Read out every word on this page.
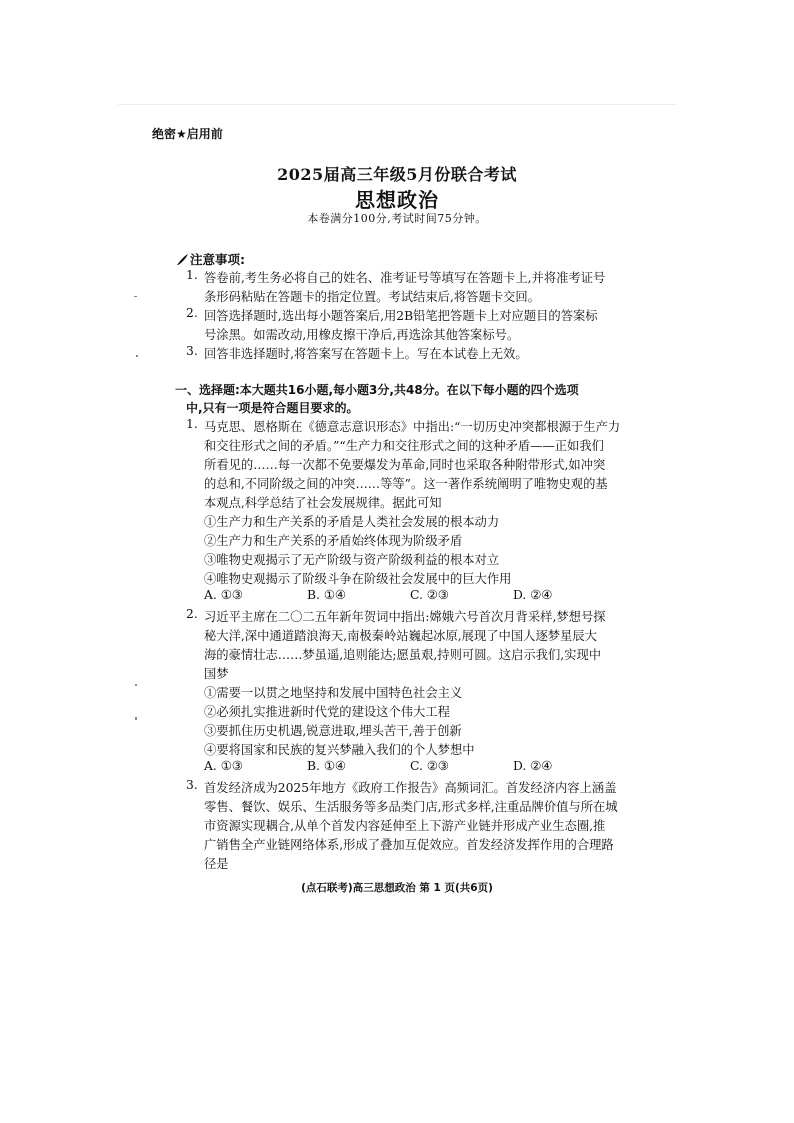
绝密★启用前
2025届高三年级5月份联合考试
思想政治
本卷满分100分,考试时间75分钟。
注意事项:
1. 答卷前,考生务必将自己的姓名、准考证号等填写在答题卡上,并将准考证号
条形码粘贴在答题卡的指定位置。考试结束后,将答题卡交回。
2. 回答选择题时,选出每小题答案后,用2B铅笔把答题卡上对应题目的答案标
号涂黑。如需改动,用橡皮擦干净后,再选涂其他答案标号。
3. 回答非选择题时,将答案写在答题卡上。写在本试卷上无效。
一、选择题:本大题共16小题,每小题3分,共48分。在以下每小题的四个选项
中,只有一项是符合题目要求的。
1. 马克思、恩格斯在《德意志意识形态》中指出:“一切历史冲突都根源于生产力
和交往形式之间的矛盾。”“生产力和交往形式之间的这种矛盾——正如我们
所看见的……每一次都不免要爆发为革命,同时也采取各种附带形式,如冲突
的总和,不同阶级之间的冲突……等等”。这一著作系统阐明了唯物史观的基
本观点,科学总结了社会发展规律。据此可知
①生产力和生产关系的矛盾是人类社会发展的根本动力
②生产力和生产关系的矛盾始终体现为阶级矛盾
③唯物史观揭示了无产阶级与资产阶级利益的根本对立
④唯物史观揭示了阶级斗争在阶级社会发展中的巨大作用
A. ①③	B. ①④	C. ②③	D. ②④
2. 习近平主席在二〇二五年新年贺词中指出:嫦娥六号首次月背采样,梦想号探
秘大洋,深中通道踏浪海天,南极秦岭站巍起冰原,展现了中国人逐梦星辰大
海的豪情壮志……梦虽遥,追则能达;愿虽艰,持则可圆。这启示我们,实现中
国梦
①需要一以贯之地坚持和发展中国特色社会主义
②必须扎实推进新时代党的建设这个伟大工程
③要抓住历史机遇,锐意进取,埋头苦干,善于创新
④要将国家和民族的复兴梦融入我们的个人梦想中
A. ①③	B. ①④	C. ②③	D. ②④
3. 首发经济成为2025年地方《政府工作报告》高频词汇。首发经济内容上涵盖
零售、餐饮、娱乐、生活服务等多品类门店,形式多样,注重品牌价值与所在城
市资源实现耦合,从单个首发内容延伸至上下游产业链并形成产业生态圈,推
广销售全产业链网络体系,形成了叠加互促效应。首发经济发挥作用的合理路
径是
(点石联考)高三思想政治 第 1 页(共6页)
